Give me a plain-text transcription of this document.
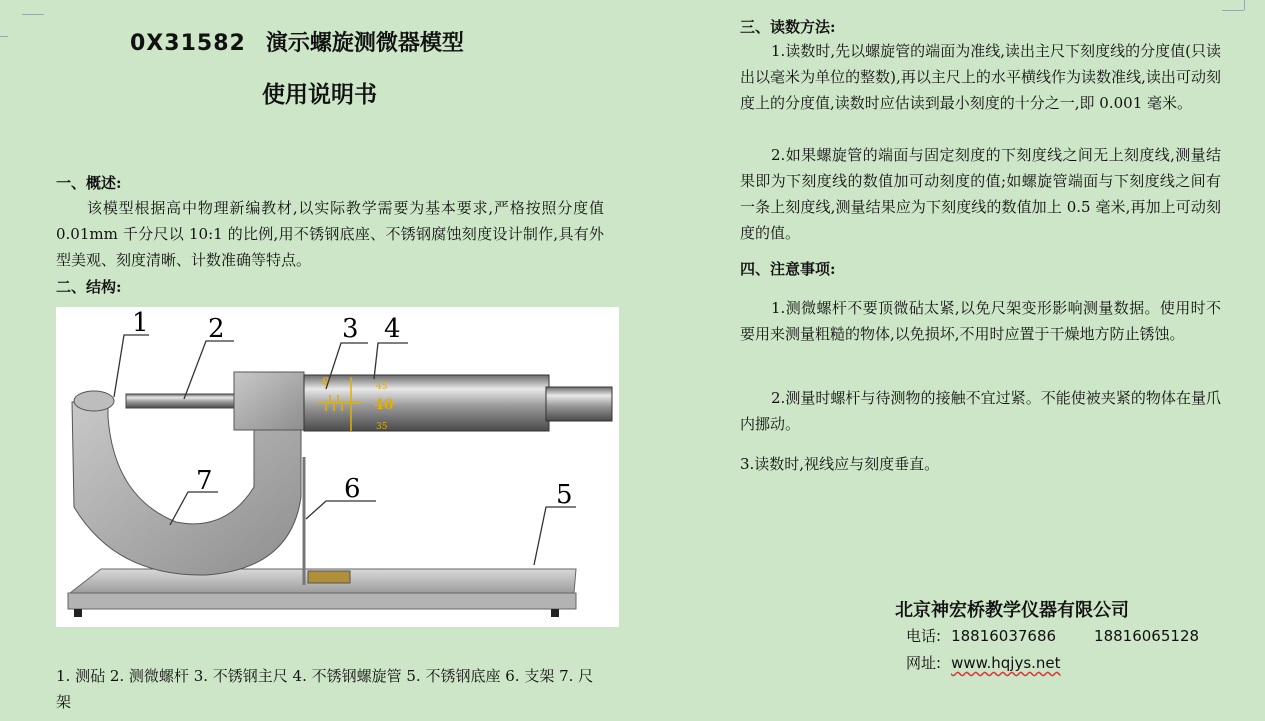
0X31582 演示螺旋测微器模型
使用说明书
一、概述:
该模型根据高中物理新编教材,以实际教学需要为基本要求,严格按照分度值 0.01mm 千分尺以 10:1 的比例,用不锈钢底座、不锈钢腐蚀刻度设计制作,具有外型美观、刻度清晰、计数准确等特点。
二、结构:
0	45
40
35
1 2	3 4
5
6
7
1. 测砧 2. 测微螺杆 3. 不锈钢主尺 4. 不锈钢螺旋管 5. 不锈钢底座 6. 支架 7. 尺架
三、读数方法:
1.读数时,先以螺旋管的端面为准线,读出主尺下刻度线的分度值(只读出以毫米为单位的整数),再以主尺上的水平横线作为读数准线,读出可动刻度上的分度值,读数时应估读到最小刻度的十分之一,即 0.001 毫米。
2.如果螺旋管的端面与固定刻度的下刻度线之间无上刻度线,测量结果即为下刻度线的数值加可动刻度的值;如螺旋管端面与下刻度线之间有一条上刻度线,测量结果应为下刻度线的数值加上 0.5 毫米,再加上可动刻度的值。
四、注意事项:
1.测微螺杆不要顶微砧太紧,以免尺架变形影响测量数据。使用时不要用来测量粗糙的物体,以免损坏,不用时应置于干燥地方防止锈蚀。
2.测量时螺杆与待测物的接触不宜过紧。不能使被夹紧的物体在量爪内挪动。
3.读数时,视线应与刻度垂直。
北京神宏桥教学仪器有限公司
电话: 18816037686	18816065128
网址: www.hqjys.net
